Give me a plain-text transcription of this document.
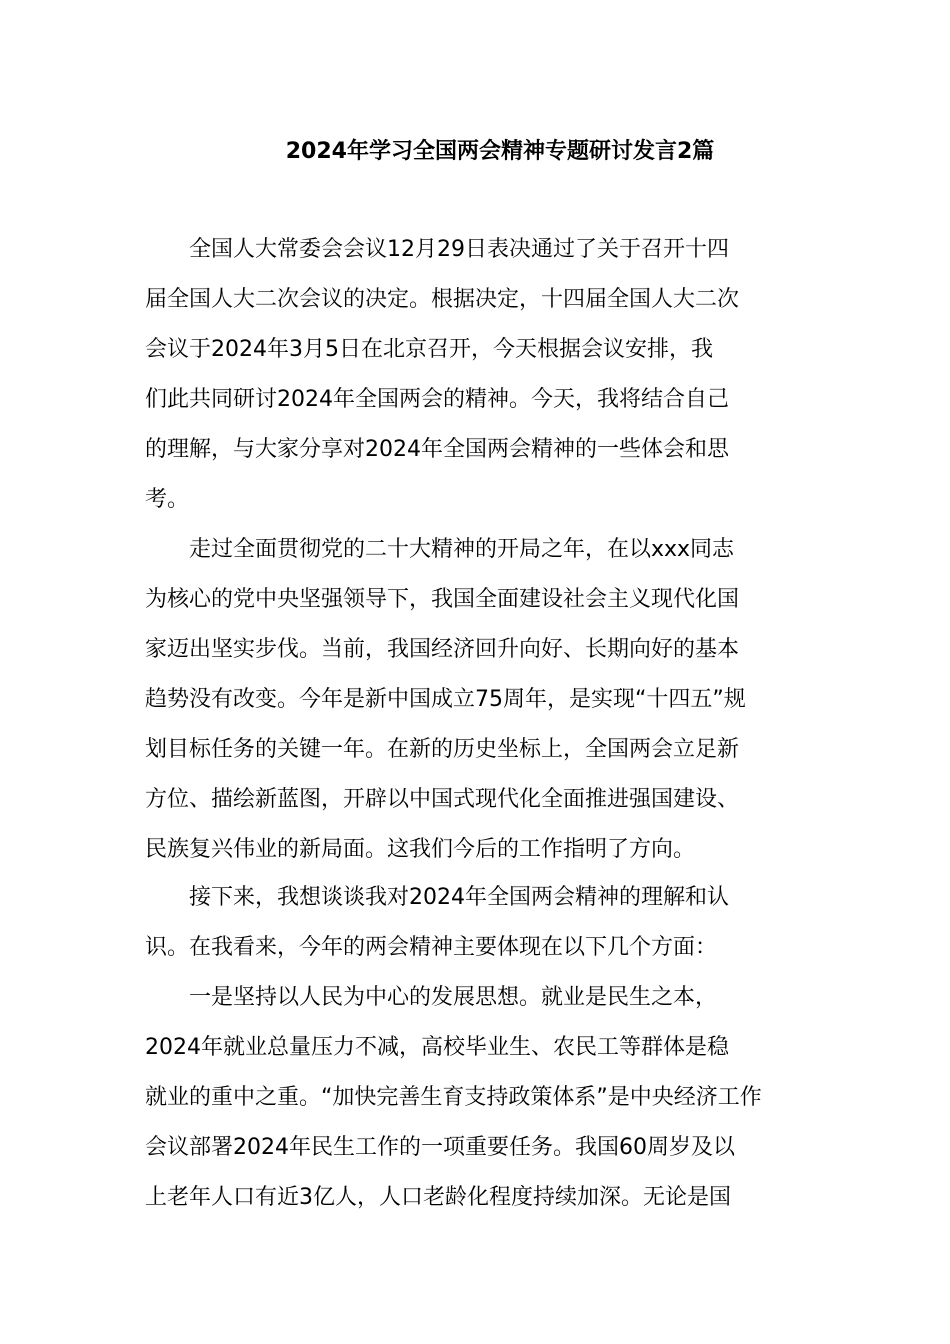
2024年学习全国两会精神专题研讨发言2篇
　　全国人大常委会会议12月29日表决通过了关于召开十四
届全国人大二次会议的决定。根据决定，十四届全国人大二次
会议于2024年3月5日在北京召开，今天根据会议安排，我
们此共同研讨2024年全国两会的精神。今天，我将结合自己
的理解，与大家分享对2024年全国两会精神的一些体会和思
考。
　　走过全面贯彻党的二十大精神的开局之年，在以xxx同志
为核心的党中央坚强领导下，我国全面建设社会主义现代化国
家迈出坚实步伐。当前，我国经济回升向好、长期向好的基本
趋势没有改变。今年是新中国成立75周年，是实现“十四五”规
划目标任务的关键一年。在新的历史坐标上，全国两会立足新
方位、描绘新蓝图，开辟以中国式现代化全面推进强国建设、
民族复兴伟业的新局面。这我们今后的工作指明了方向。
　　接下来，我想谈谈我对2024年全国两会精神的理解和认
识。在我看来，今年的两会精神主要体现在以下几个方面：
　　一是坚持以人民为中心的发展思想。就业是民生之本，
2024年就业总量压力不减，高校毕业生、农民工等群体是稳
就业的重中之重。“加快完善生育支持政策体系”是中央经济工作
会议部署2024年民生工作的一项重要任务。我国60周岁及以
上老年人口有近3亿人，人口老龄化程度持续加深。无论是国
